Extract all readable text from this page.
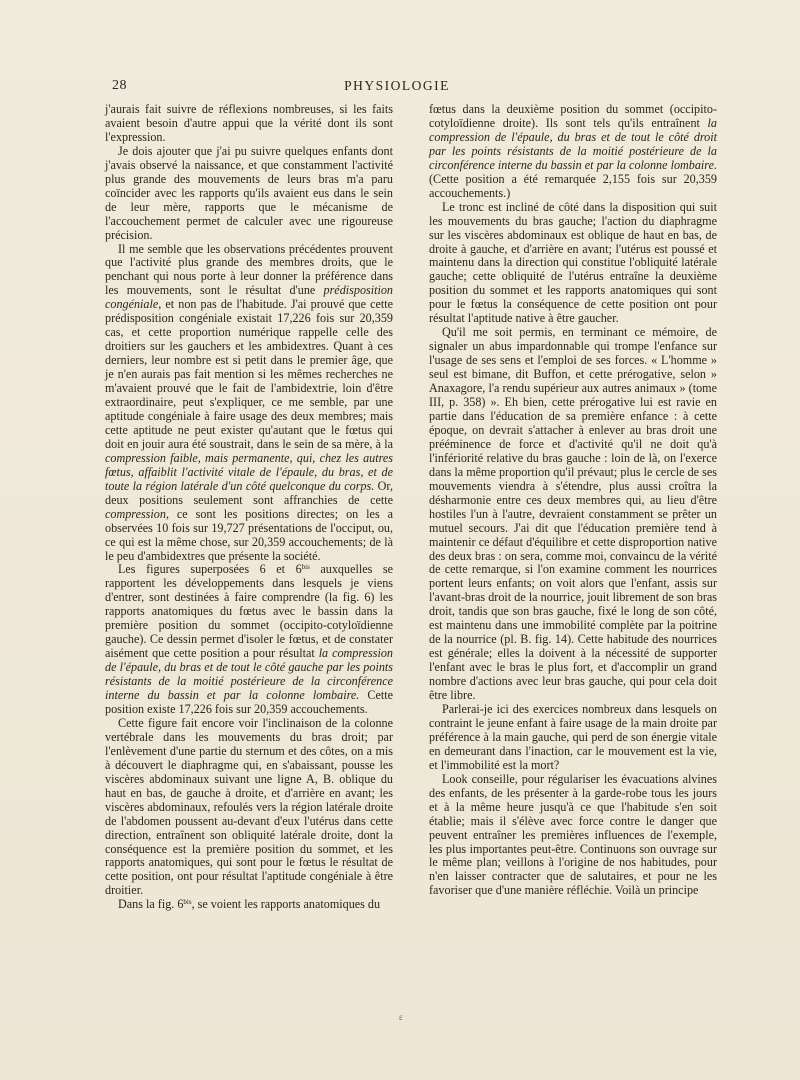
28	PHYSIOLOGIE

j'aurais fait suivre de réflexions nombreuses, si les faits avaient besoin d'autre appui que la vérité dont ils sont l'expression.

Je dois ajouter que j'ai pu suivre quelques enfants dont j'avais observé la naissance, et que constamment l'activité plus grande des mouvements de leurs bras m'a paru coïncider avec les rapports qu'ils avaient eus dans le sein de leur mère, rapports que le mécanisme de l'accouchement permet de calculer avec une rigoureuse précision.

Il me semble que les observations précédentes prouvent que l'activité plus grande des membres droits, que le penchant qui nous porte à leur donner la préférence dans les mouvements, sont le résultat d'une prédisposition congéniale, et non pas de l'habitude. J'ai prouvé que cette prédisposition congéniale existait 17,226 fois sur 20,359 cas, et cette proportion numérique rappelle celle des droitiers sur les gauchers et les ambidextres. Quant à ces derniers, leur nombre est si petit dans le premier âge, que je n'en aurais pas fait mention si les mêmes recherches ne m'avaient prouvé que le fait de l'ambidextrie, loin d'être extraordinaire, peut s'expliquer, ce me semble, par une aptitude congéniale à faire usage des deux membres; mais cette aptitude ne peut exister qu'autant que le fœtus qui doit en jouir aura été soustrait, dans le sein de sa mère, à la compression faible, mais permanente, qui, chez les autres fœtus, affaiblit l'activité vitale de l'épaule, du bras, et de toute la région latérale d'un côté quelconque du corps. Or, deux positions seulement sont affranchies de cette compression, ce sont les positions directes; on les a observées 10 fois sur 19,727 présentations de l'occiput, ou, ce qui est la même chose, sur 20,359 accouchements; de là le peu d'ambidextres que présente la société.

Les figures superposées 6 et $6^{bis}$ auxquelles se rapportent les développements dans lesquels je viens d'entrer, sont destinées à faire comprendre (la fig. 6) les rapports anatomiques du fœtus avec le bassin dans la première position du sommet (occipito-cotyloïdienne gauche). Ce dessin permet d'isoler le fœtus, et de constater aisément que cette position a pour résultat la compression de l'épaule, du bras et de tout le côté gauche par les points résistants de la moitié postérieure de la circonférence interne du bassin et par la colonne lombaire. Cette position existe 17,226 fois sur 20,359 accouchements.

Cette figure fait encore voir l'inclinaison de la colonne vertébrale dans les mouvements du bras droit; par l'enlèvement d'une partie du sternum et des côtes, on a mis à découvert le diaphragme qui, en s'abaissant, pousse les viscères abdominaux suivant une ligne A, B. oblique du haut en bas, de gauche à droite, et d'arrière en avant; les viscères abdominaux, refoulés vers la région latérale droite de l'abdomen poussent au-devant d'eux l'utérus dans cette direction, entraînent son obliquité latérale droite, dont la conséquence est la première position du sommet, et les rapports anatomiques, qui sont pour le fœtus le résultat de cette position, ont pour résultat l'aptitude congéniale à être droitier.

Dans la fig. $6^{bis}$, se voient les rapports anatomiques du

fœtus dans la deuxième position du sommet (occipito-cotyloïdienne droite). Ils sont tels qu'ils entraînent la compression de l'épaule, du bras et de tout le côté droit par les points résistants de la moitié postérieure de la circonférence interne du bassin et par la colonne lombaire. (Cette position a été remarquée 2,155 fois sur 20,359 accouchements.)

Le tronc est incliné de côté dans la disposition qui suit les mouvements du bras gauche; l'action du diaphragme sur les viscères abdominaux est oblique de haut en bas, de droite à gauche, et d'arrière en avant; l'utérus est poussé et maintenu dans la direction qui constitue l'obliquité latérale gauche; cette obliquité de l'utérus entraîne la deuxième position du sommet et les rapports anatomiques qui sont pour le fœtus la conséquence de cette position ont pour résultat l'aptitude native à être gaucher.

Qu'il me soit permis, en terminant ce mémoire, de signaler un abus impardonnable qui trompe l'enfance sur l'usage de ses sens et l'emploi de ses forces. « L'homme » seul est bimane, dit Buffon, et cette prérogative, selon » Anaxagore, l'a rendu supérieur aux autres animaux » (tome III, p. 358) ». Eh bien, cette prérogative lui est ravie en partie dans l'éducation de sa première enfance : à cette époque, on devrait s'attacher à enlever au bras droit une prééminence de force et d'activité qu'il ne doit qu'à l'infériorité relative du bras gauche : loin de là, on l'exerce dans la même proportion qu'il prévaut; plus le cercle de ses mouvements viendra à s'étendre, plus aussi croîtra la désharmonie entre ces deux membres qui, au lieu d'être hostiles l'un à l'autre, devraient constamment se prêter un mutuel secours. J'ai dit que l'éducation première tend à maintenir ce défaut d'équilibre et cette disproportion native des deux bras : on sera, comme moi, convaincu de la vérité de cette remarque, si l'on examine comment les nourrices portent leurs enfants; on voit alors que l'enfant, assis sur l'avant-bras droit de la nourrice, jouit librement de son bras droit, tandis que son bras gauche, fixé le long de son côté, est maintenu dans une immobilité complète par la poitrine de la nourrice (pl. B. fig. 14). Cette habitude des nourrices est générale; elles la doivent à la nécessité de supporter l'enfant avec le bras le plus fort, et d'accomplir un grand nombre d'actions avec leur bras gauche, qui pour cela doit être libre.

Parlerai-je ici des exercices nombreux dans lesquels on contraint le jeune enfant à faire usage de la main droite par préférence à la main gauche, qui perd de son énergie vitale en demeurant dans l'inaction, car le mouvement est la vie, et l'immobilité est la mort?

Look conseille, pour régulariser les évacuations alvines des enfants, de les présenter à la garde-robe tous les jours et à la même heure jusqu'à ce que l'habitude s'en soit établie; mais il s'élève avec force contre le danger que peuvent entraîner les premières influences de l'exemple, les plus importantes peut-être. Continuons son ouvrage sur le même plan; veillons à l'origine de nos habitudes, pour n'en laisser contracter que de salutaires, et pour ne les favoriser que d'une manière réfléchie. Voilà un principe

ε
